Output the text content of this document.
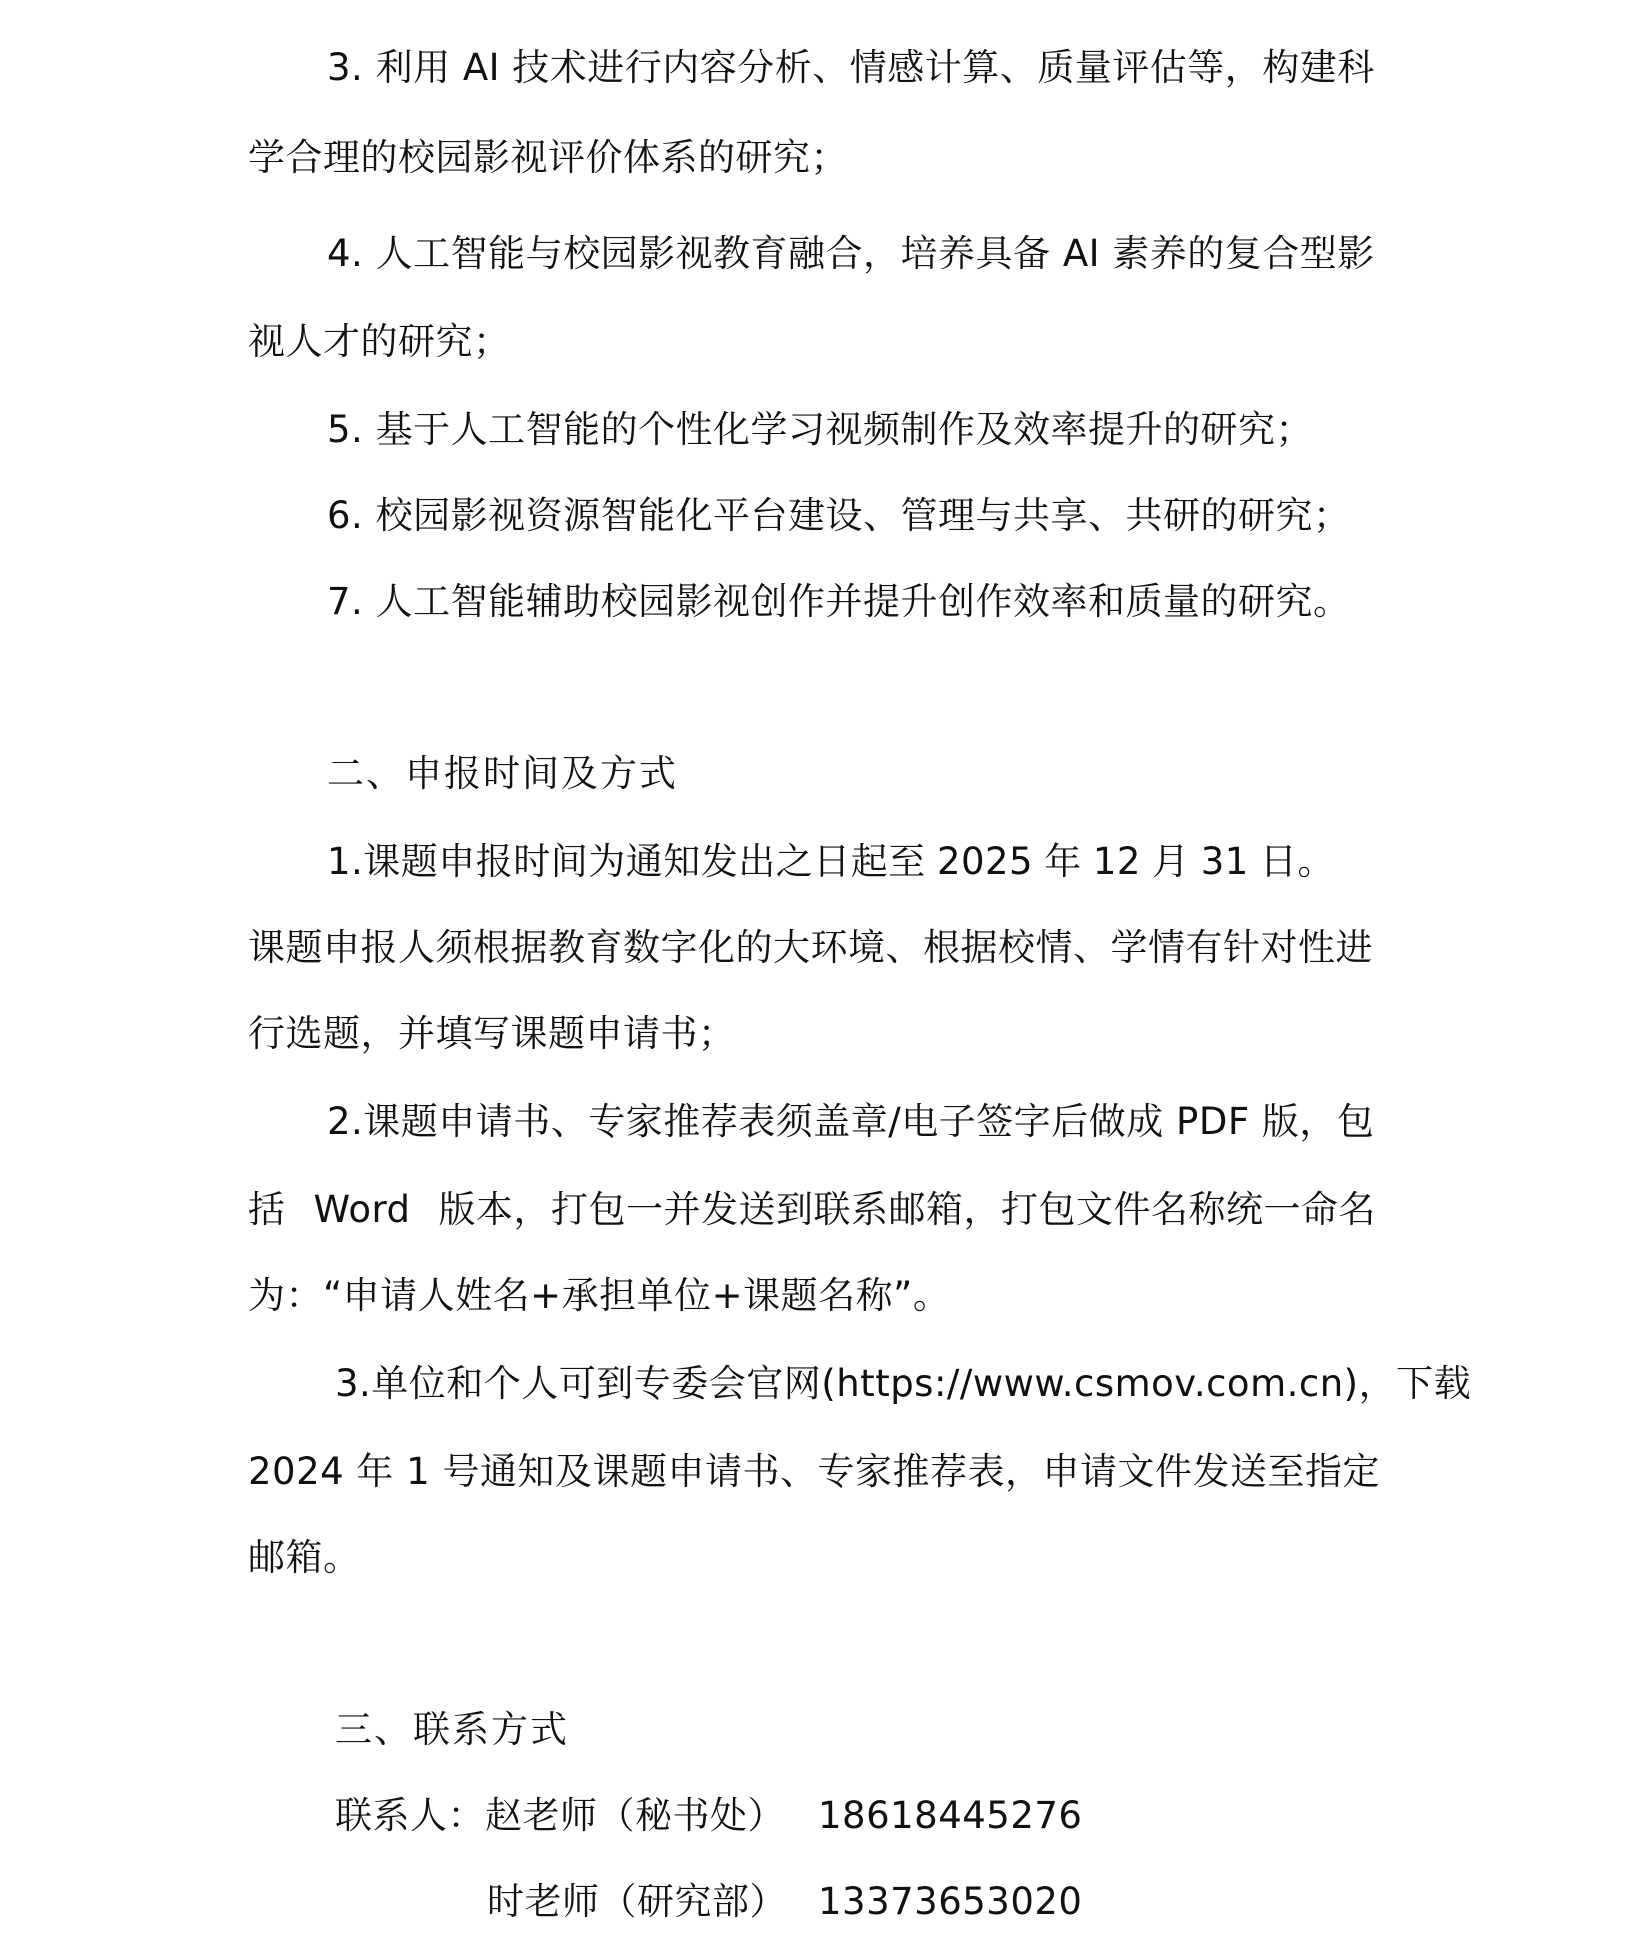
3. 利用 AI 技术进行内容分析、情感计算、质量评估等，构建科
学合理的校园影视评价体系的研究；
4. 人工智能与校园影视教育融合，培养具备 AI 素养的复合型影
视人才的研究；
5. 基于人工智能的个性化学习视频制作及效率提升的研究；
6. 校园影视资源智能化平台建设、管理与共享、共研的研究；
7. 人工智能辅助校园影视创作并提升创作效率和质量的研究。
二、申报时间及方式
1.课题申报时间为通知发出之日起至 2025 年 12 月 31 日。
课题申报人须根据教育数字化的大环境、根据校情、学情有针对性进
行选题，并填写课题申请书；
2.课题申请书、专家推荐表须盖章/电子签字后做成 PDF 版，包
括 Word 版本，打包一并发送到联系邮箱，打包文件名称统一命名
为：“申请人姓名+承担单位+课题名称”。
3.单位和个人可到专委会官网(https://www.csmov.com.cn)，下载
2024 年 1 号通知及课题申请书、专家推荐表，申请文件发送至指定
邮箱。
三、联系方式
联系人：赵老师（秘书处） 18618445276
时老师（研究部） 13373653020
